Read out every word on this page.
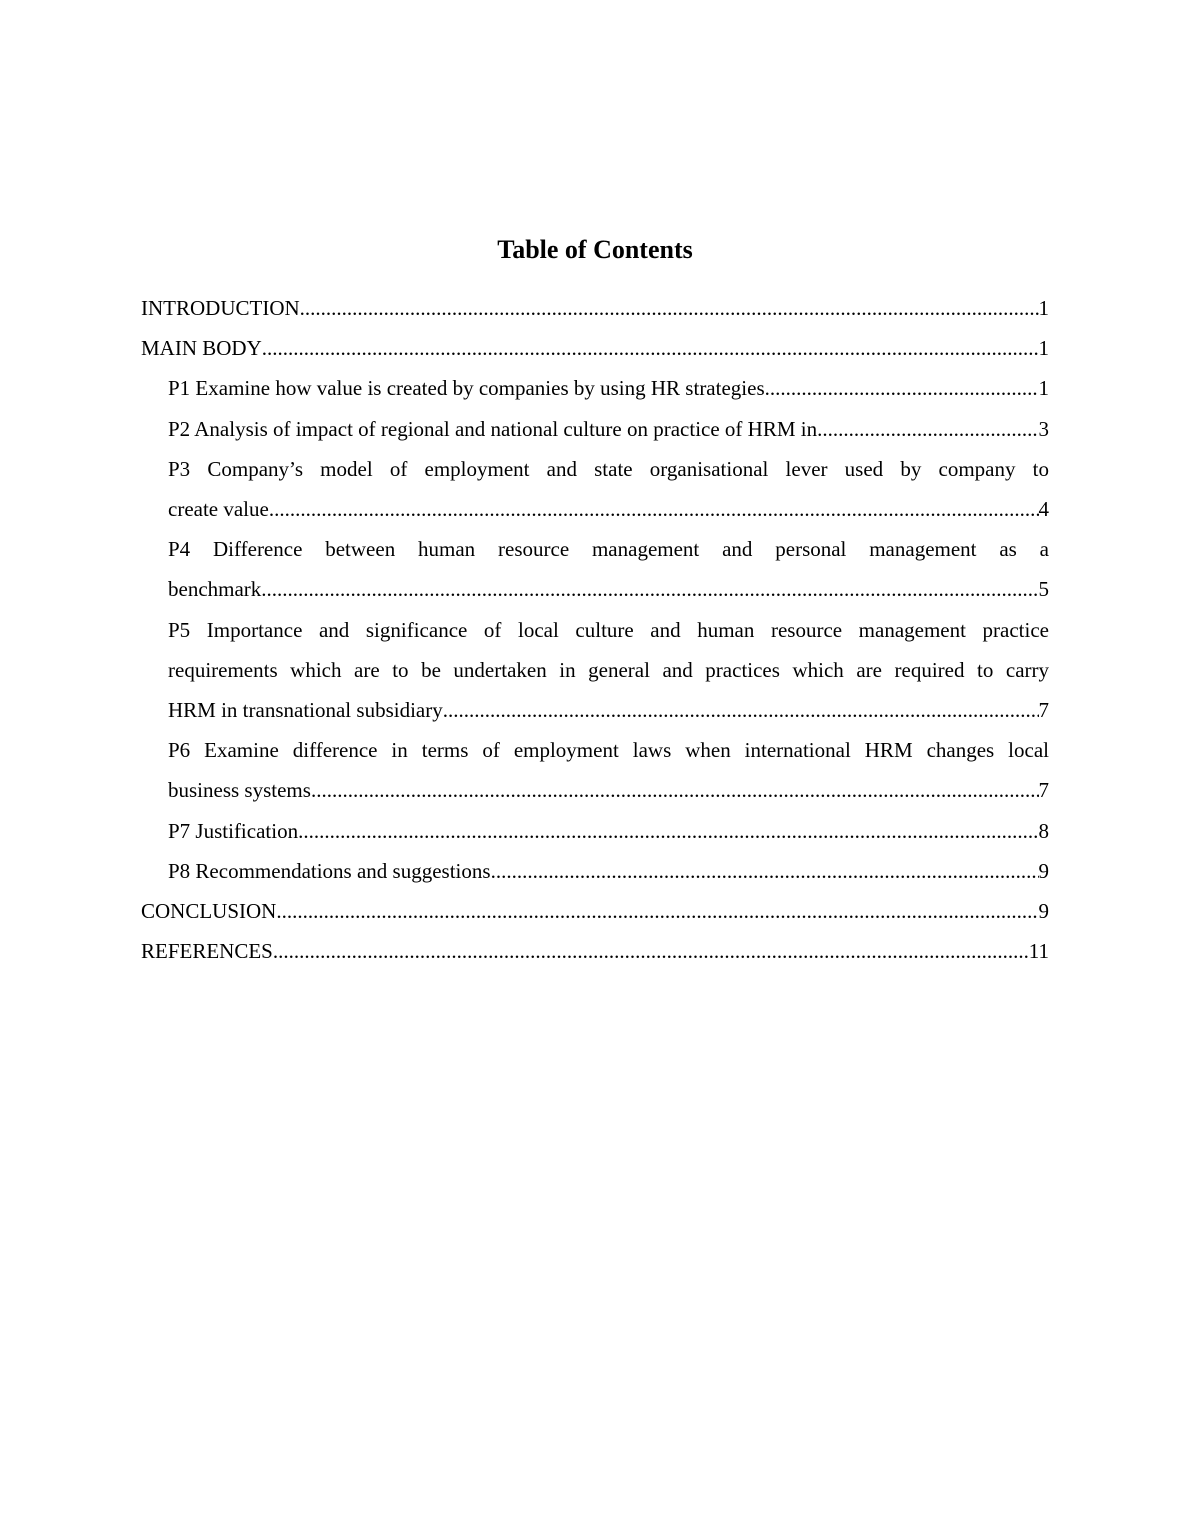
Table of Contents
INTRODUCTION .....	1
MAIN BODY .....	1
P1 Examine how value is created by companies by using HR strategies .....	1
P2 Analysis of impact of regional and national culture on practice of HRM in .....	3
P3 Company’s model of employment and state organisational lever used by company to
create value .....	4
P4 Difference between human resource management and personal management as a
benchmark .....	5
P5 Importance and significance of local culture and human resource management practice
requirements which are to be undertaken in general and practices which are required to carry
HRM in transnational subsidiary .....	7
P6 Examine difference in terms of employment laws when international HRM changes local
business systems .....	7
P7 Justification .....	8
P8 Recommendations and suggestions .....	9
CONCLUSION .....	9
REFERENCES .....	11
